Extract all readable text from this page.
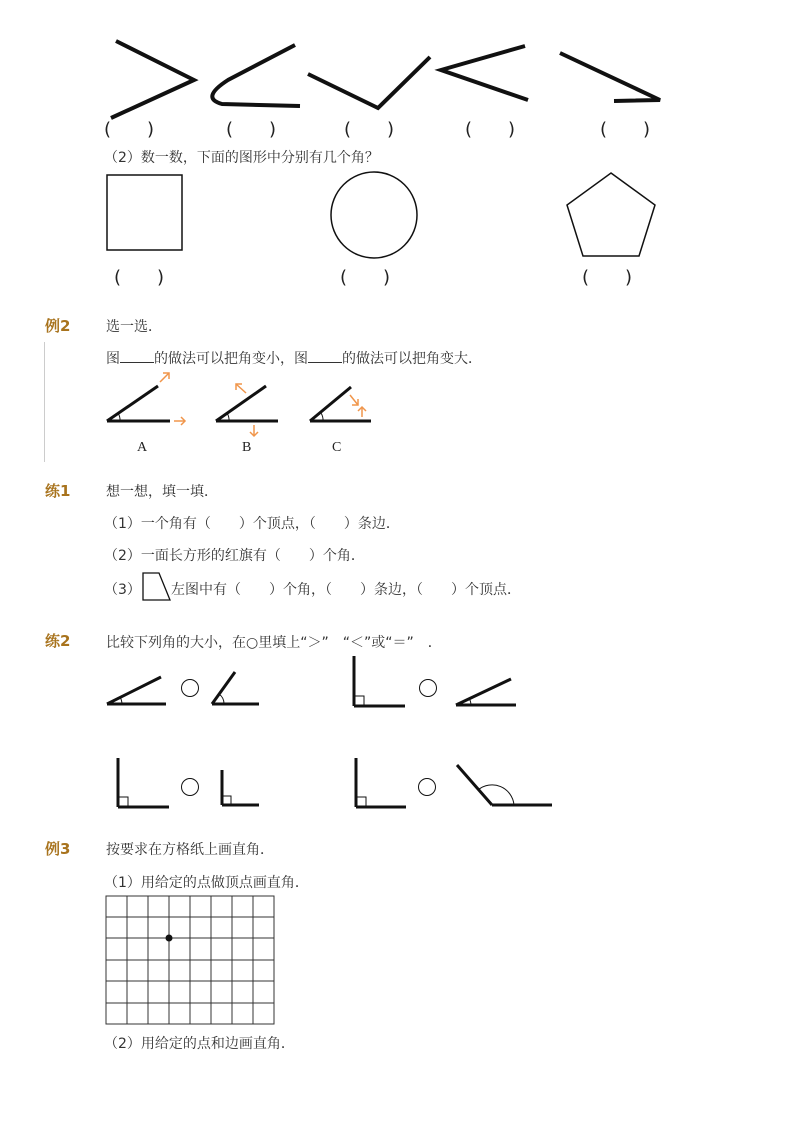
(　　)	(　　)	(　　)	(　　)	(　　)
（2）数一数，下面的图形中分别有几个角？
(　　)	(　　)	(　　)
例2	选一选．
图 的做法可以把角变小，图 的做法可以把角变大．
A	B	C
练1	想一想，填一填．
（1）一个角有（　　）个顶点，（　　）条边．
（2）一面长方形的红旗有（　　）个角．
（3） 左图中有（　　）个角，（　　）条边，（　　）个顶点．
练2	比较下列角的大小，在○里填上“＞”　“＜”或“＝”　．
例3	按要求在方格纸上画直角．
（1）用给定的点做顶点画直角．
（2）用给定的点和边画直角．
